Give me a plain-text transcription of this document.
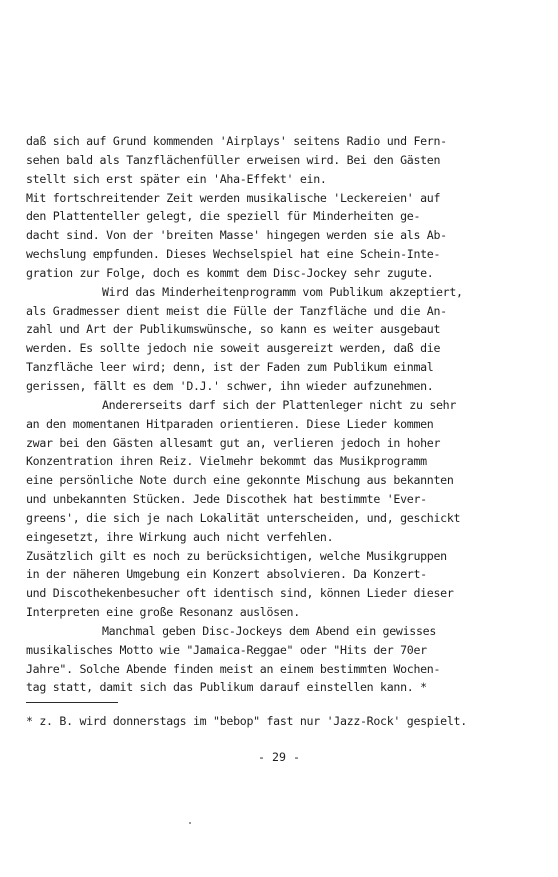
daß sich auf Grund kommenden 'Airplays' seitens Radio und Fern-
sehen bald als Tanzflächenfüller erweisen wird. Bei den Gästen
stellt sich erst später ein 'Aha-Effekt' ein.
Mit fortschreitender Zeit werden musikalische 'Leckereien' auf
den Plattenteller gelegt, die speziell für Minderheiten ge-
dacht sind. Von der 'breiten Masse' hingegen werden sie als Ab-
wechslung empfunden. Dieses Wechselspiel hat eine Schein-Inte-
gration zur Folge, doch es kommt dem Disc-Jockey sehr zugute.
Wird das Minderheitenprogramm vom Publikum akzeptiert,
als Gradmesser dient meist die Fülle der Tanzfläche und die An-
zahl und Art der Publikumswünsche, so kann es weiter ausgebaut
werden. Es sollte jedoch nie soweit ausgereizt werden, daß die
Tanzfläche leer wird; denn, ist der Faden zum Publikum einmal
gerissen, fällt es dem 'D.J.' schwer, ihn wieder aufzunehmen.
Andererseits darf sich der Plattenleger nicht zu sehr
an den momentanen Hitparaden orientieren. Diese Lieder kommen
zwar bei den Gästen allesamt gut an, verlieren jedoch in hoher
Konzentration ihren Reiz. Vielmehr bekommt das Musikprogramm
eine persönliche Note durch eine gekonnte Mischung aus bekannten
und unbekannten Stücken. Jede Discothek hat bestimmte 'Ever-
greens', die sich je nach Lokalität unterscheiden, und, geschickt
eingesetzt, ihre Wirkung auch nicht verfehlen.
Zusätzlich gilt es noch zu berücksichtigen, welche Musikgruppen
in der näheren Umgebung ein Konzert absolvieren. Da Konzert-
und Discothekenbesucher oft identisch sind, können Lieder dieser
Interpreten eine große Resonanz auslösen.
Manchmal geben Disc-Jockeys dem Abend ein gewisses
musikalisches Motto wie "Jamaica-Reggae" oder "Hits der 70er
Jahre". Solche Abende finden meist an einem bestimmten Wochen-
tag statt, damit sich das Publikum darauf einstellen kann. *
* z. B. wird donnerstags im "bebop" fast nur 'Jazz-Rock' gespielt.
- 29 -
